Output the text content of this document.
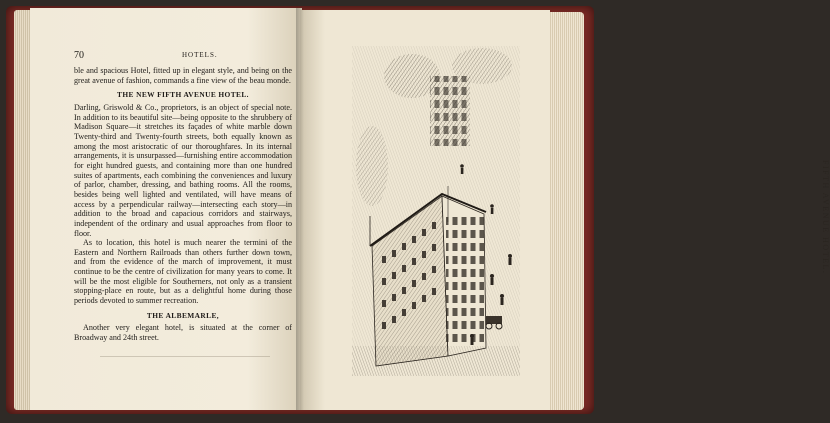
FIFTH AVENUE HOTEL.
70	HOTELS.

ble and spacious Hotel, fitted up in elegant style, and being on the great avenue of fashion, commands a fine view of the beau monde.

THE NEW FIFTH AVENUE HOTEL.

Darling, Griswold & Co., proprietors, is an object of special note. In addition to its beautiful site—being opposite to the shrubbery of Madison Square—it stretches its façades of white marble down Twenty-third and Twenty-fourth streets, both equally known as among the most aristocratic of our thoroughfares. In its internal arrangements, it is unsurpassed—furnishing entire accommodation for eight hundred guests, and containing more than one hundred suites of apartments, each combining the conveniences and luxury of parlor, chamber, dressing, and bathing rooms. All the rooms, besides being well lighted and ventilated, will have means of access by a perpendicular railway—intersecting each story—in addition to the broad and capacious corridors and stairways, independent of the ordinary and usual approaches from floor to floor.

As to location, this hotel is much nearer the termini of the Eastern and Northern Railroads than others further down town, and from the evidence of the march of improvement, it must continue to be the centre of civilization for many years to come. It will be the most eligible for Southerners, not only as a transient stopping-place en route, but as a delightful home during those periods devoted to summer recreation.

THE ALBEMARLE,

Another very elegant hotel, is situated at the corner of Broadway and 24th street.
